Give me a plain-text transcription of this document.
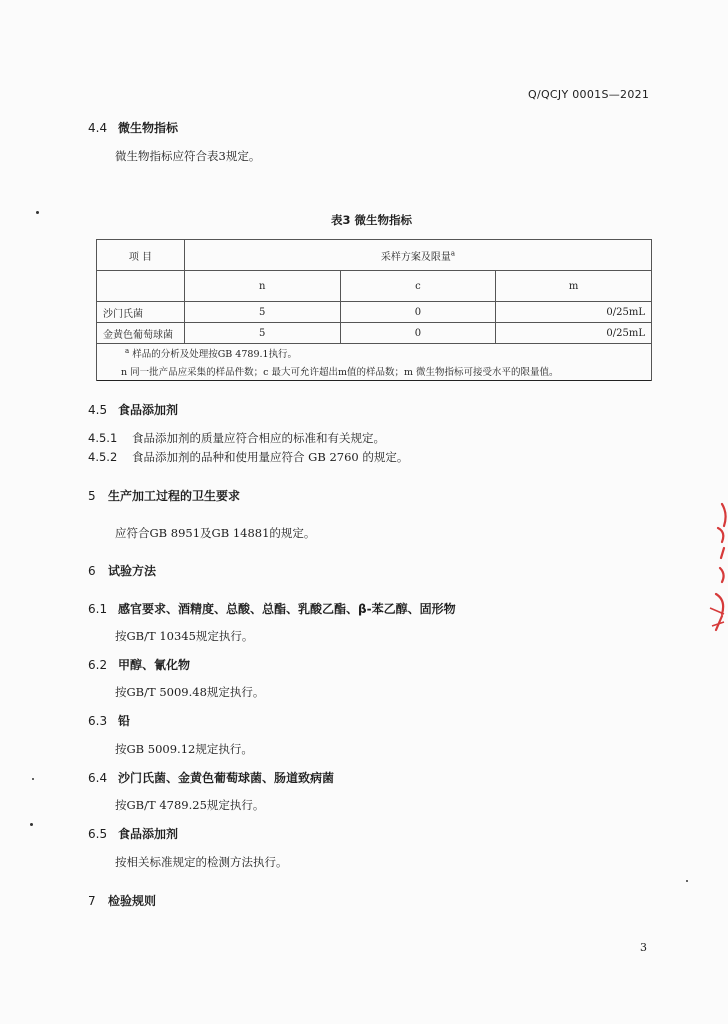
Q/QCJY 0001S—2021
4.4 微生物指标
微生物指标应符合表3规定。
表3 微生物指标
项 目	采样方案及限量$^a$
	n	c	m
沙门氏菌	5	0	0/25mL
金黄色葡萄球菌	5	0	0/25mL
$^a$ 样品的分析及处理按GB 4789.1执行。			
n 同一批产品应采集的样品件数；c 最大可允许超出m值的样品数；m 微生物指标可接受水平的限量值。			
4.5 食品添加剂
4.5.1 食品添加剂的质量应符合相应的标准和有关规定。
4.5.2 食品添加剂的品种和使用量应符合 GB 2760 的规定。
5 生产加工过程的卫生要求
应符合GB 8951及GB 14881的规定。
6 试验方法
6.1 感官要求、酒精度、总酸、总酯、乳酸乙酯、β-苯乙醇、固形物
按GB/T 10345规定执行。
6.2 甲醇、氰化物
按GB/T 5009.48规定执行。
6.3 铅
按GB 5009.12规定执行。
6.4 沙门氏菌、金黄色葡萄球菌、肠道致病菌
按GB/T 4789.25规定执行。
6.5 食品添加剂
按相关标准规定的检测方法执行。
7 检验规则
3
